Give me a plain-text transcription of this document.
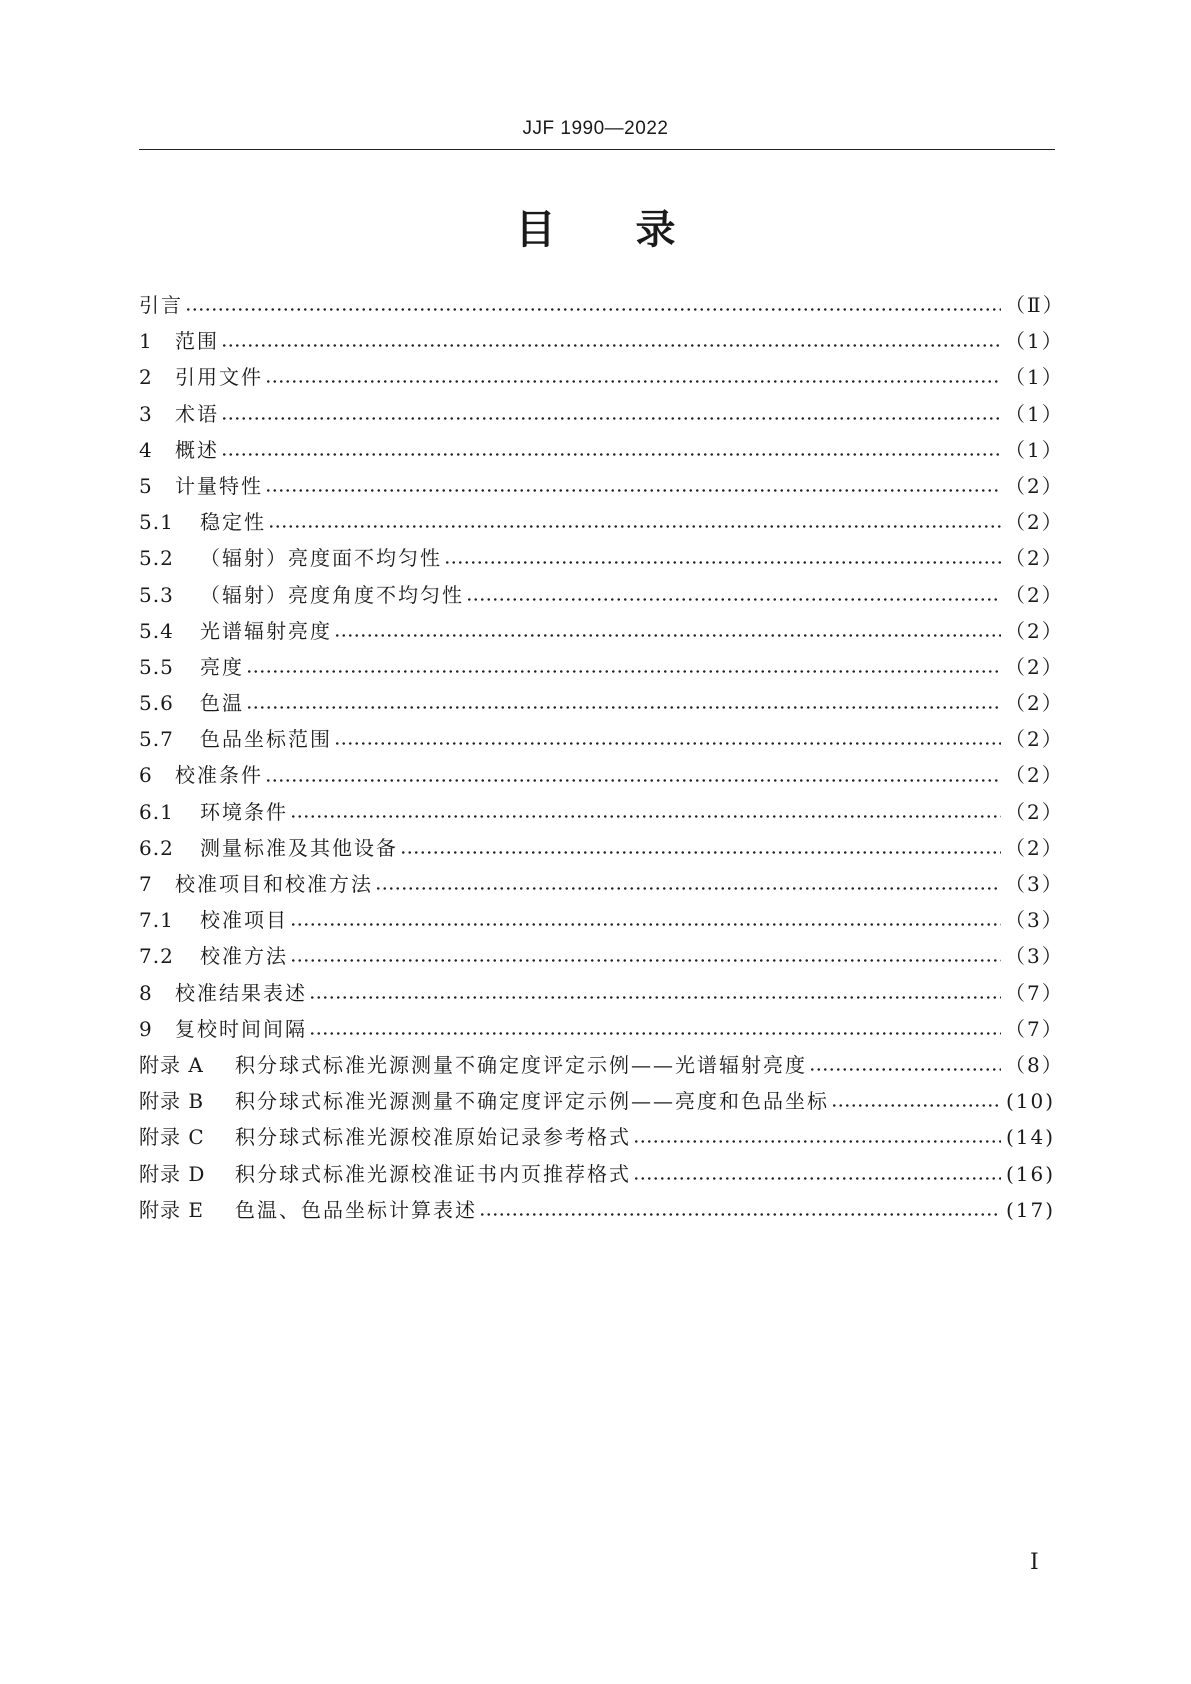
JJF 1990—2022
目 录
引言	（Ⅱ）
1	范围	（1）
2	引用文件	（1）
3	术语	（1）
4	概述	（1）
5	计量特性	（2）
5.1	稳定性	（2）
5.2	（辐射）亮度面不均匀性	（2）
5.3	（辐射）亮度角度不均匀性	（2）
5.4	光谱辐射亮度	（2）
5.5	亮度	（2）
5.6	色温	（2）
5.7	色品坐标范围	（2）
6	校准条件	（2）
6.1	环境条件	（2）
6.2	测量标准及其他设备	（2）
7	校准项目和校准方法	（3）
7.1	校准项目	（3）
7.2	校准方法	（3）
8	校准结果表述	（7）
9	复校时间间隔	（7）
附录 A	积分球式标准光源测量不确定度评定示例——光谱辐射亮度	（8）
附录 B	积分球式标准光源测量不确定度评定示例——亮度和色品坐标	(10)
附录 C	积分球式标准光源校准原始记录参考格式	(14)
附录 D	积分球式标准光源校准证书内页推荐格式	(16)
附录 E	色温、色品坐标计算表述	(17)
Ⅰ
